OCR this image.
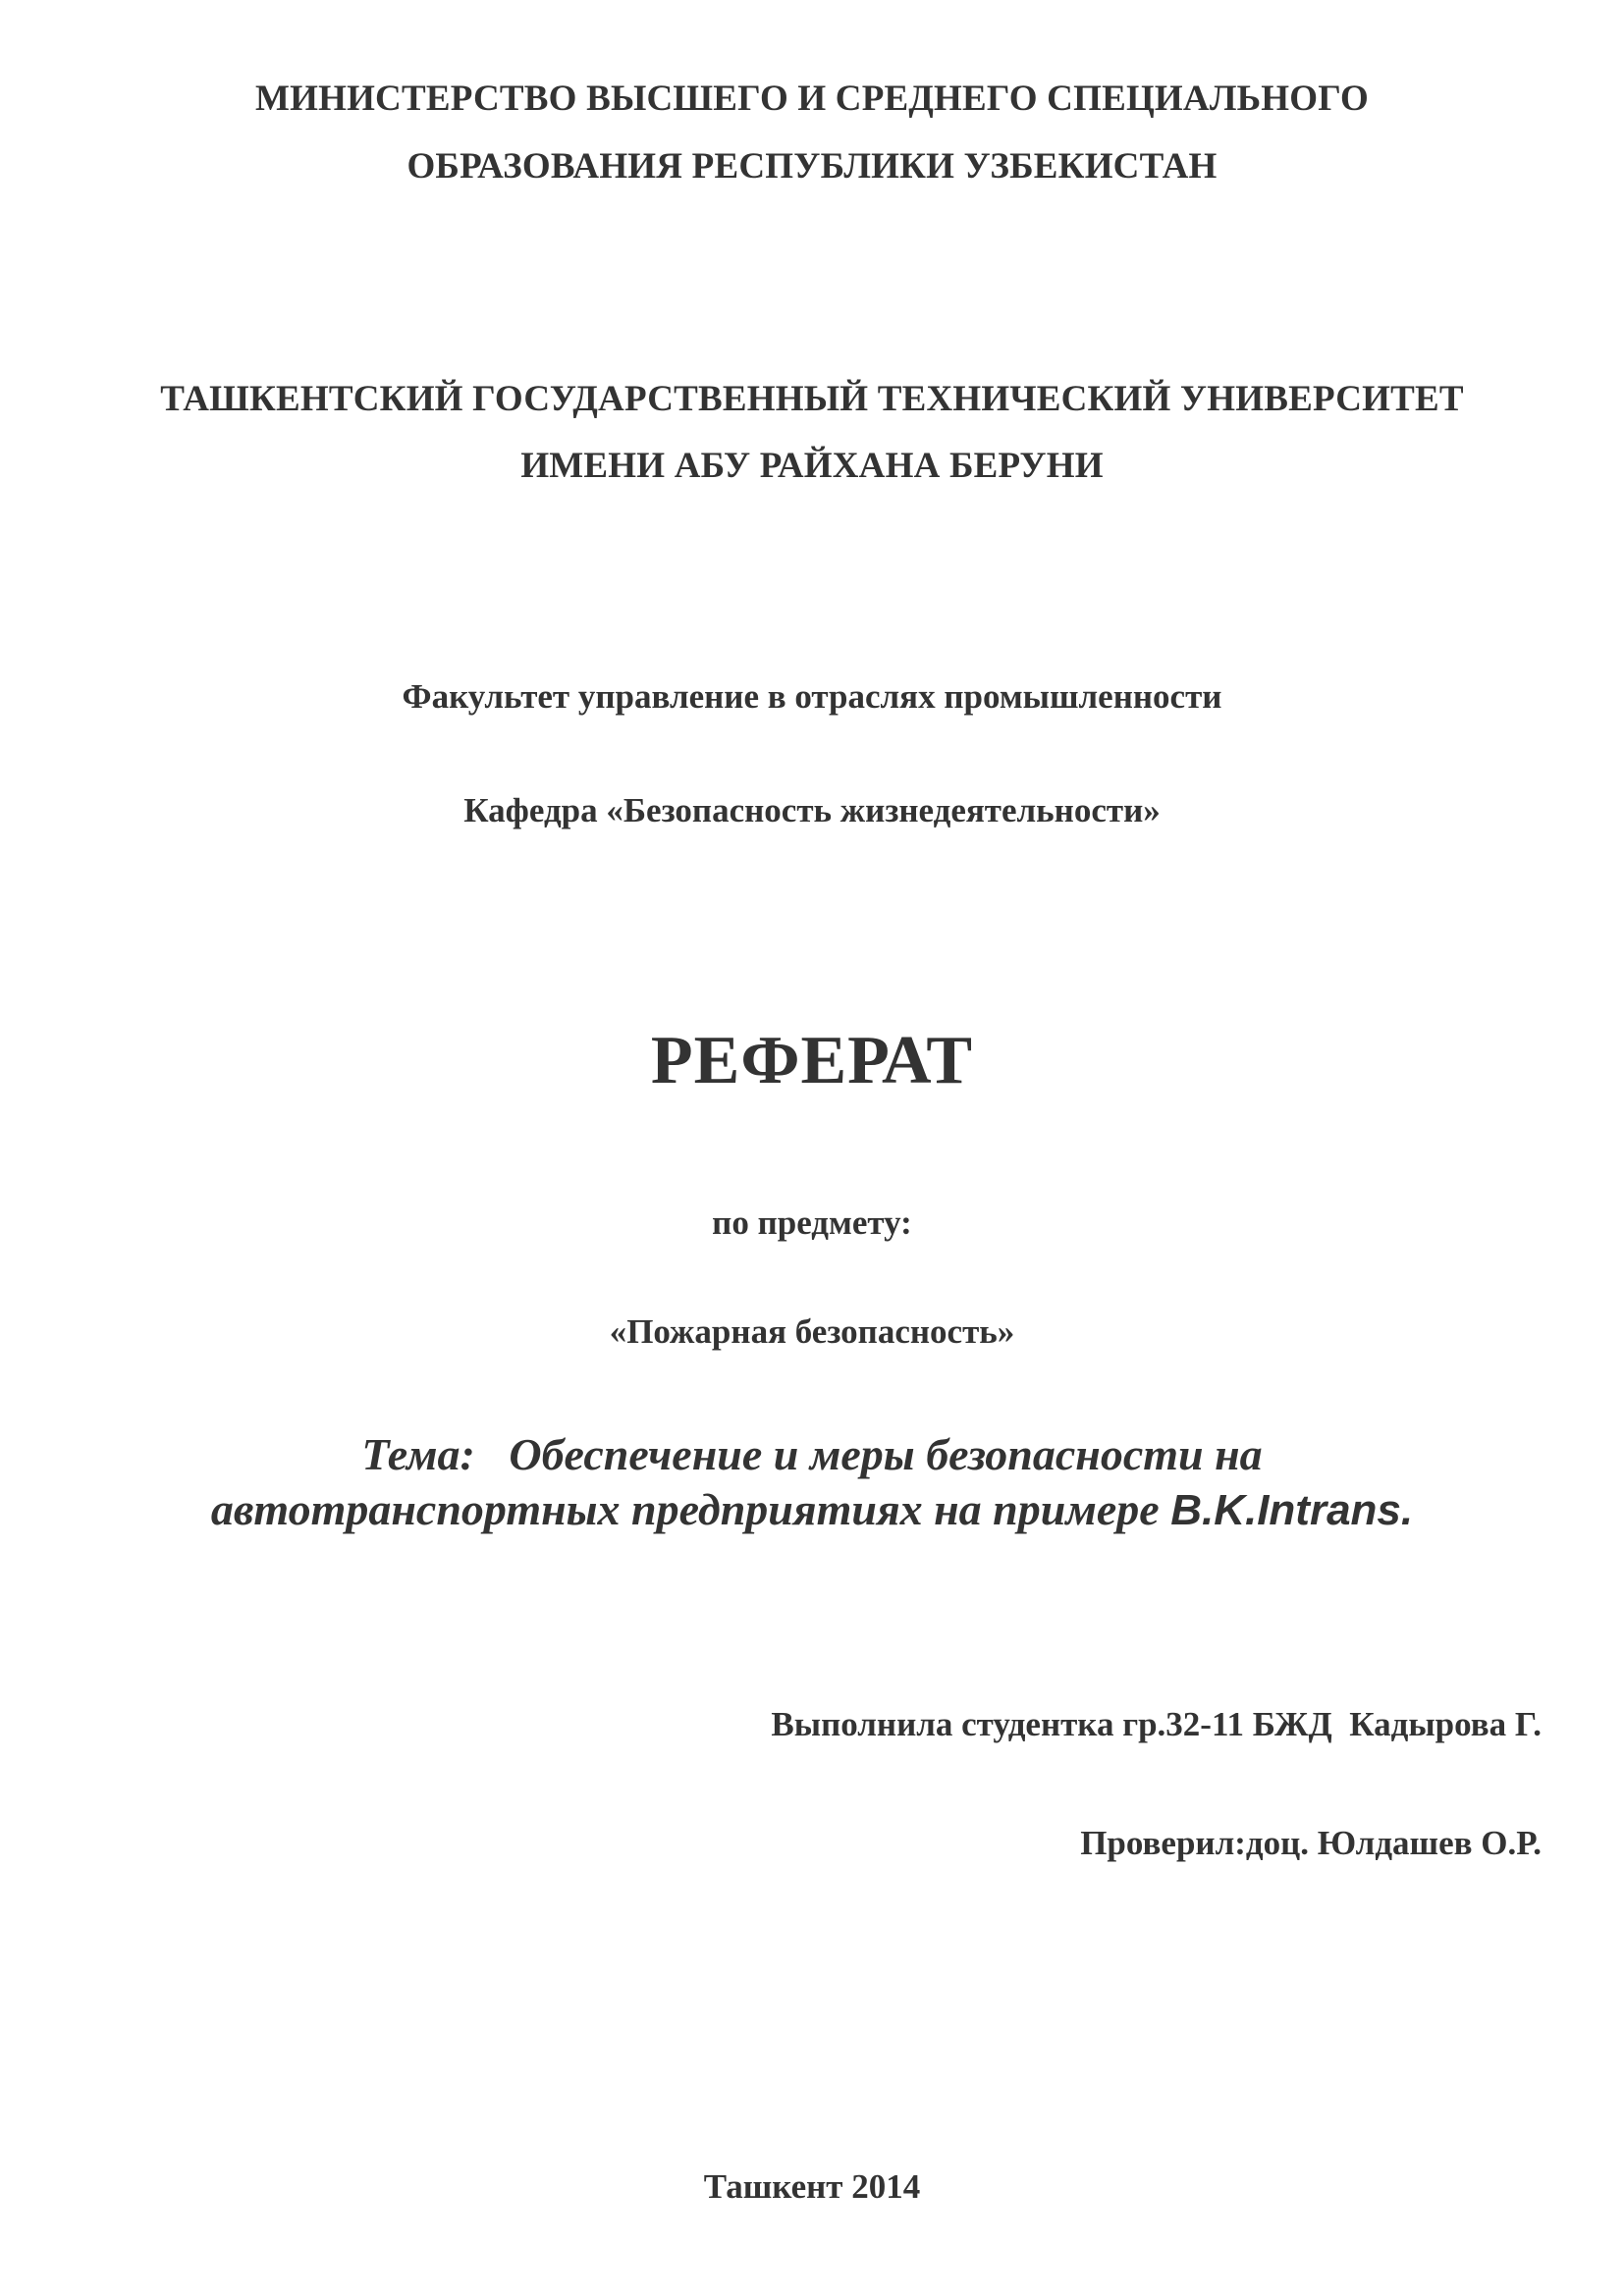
МИНИСТЕРСТВО ВЫСШЕГО И СРЕДНЕГО СПЕЦИАЛЬНОГО
ОБРАЗОВАНИЯ РЕСПУБЛИКИ УЗБЕКИСТАН
ТАШКЕНТСКИЙ ГОСУДАРСТВЕННЫЙ ТЕХНИЧЕСКИЙ УНИВЕРСИТЕТ
ИМЕНИ АБУ РАЙХАНА БЕРУНИ
Факультет управление в отраслях промышленности
Кафедра «Безопасность жизнедеятельности»
РЕФЕРАТ
по предмету:
«Пожарная безопасность»
Тема:   Обеспечение и меры безопасности на
автотранспортных предприятиях на примере B.K.Intrans.
Выполнила студентка гр.32-11 БЖД  Кадырова Г.
Проверил:доц. Юлдашев О.Р.
Ташкент 2014
